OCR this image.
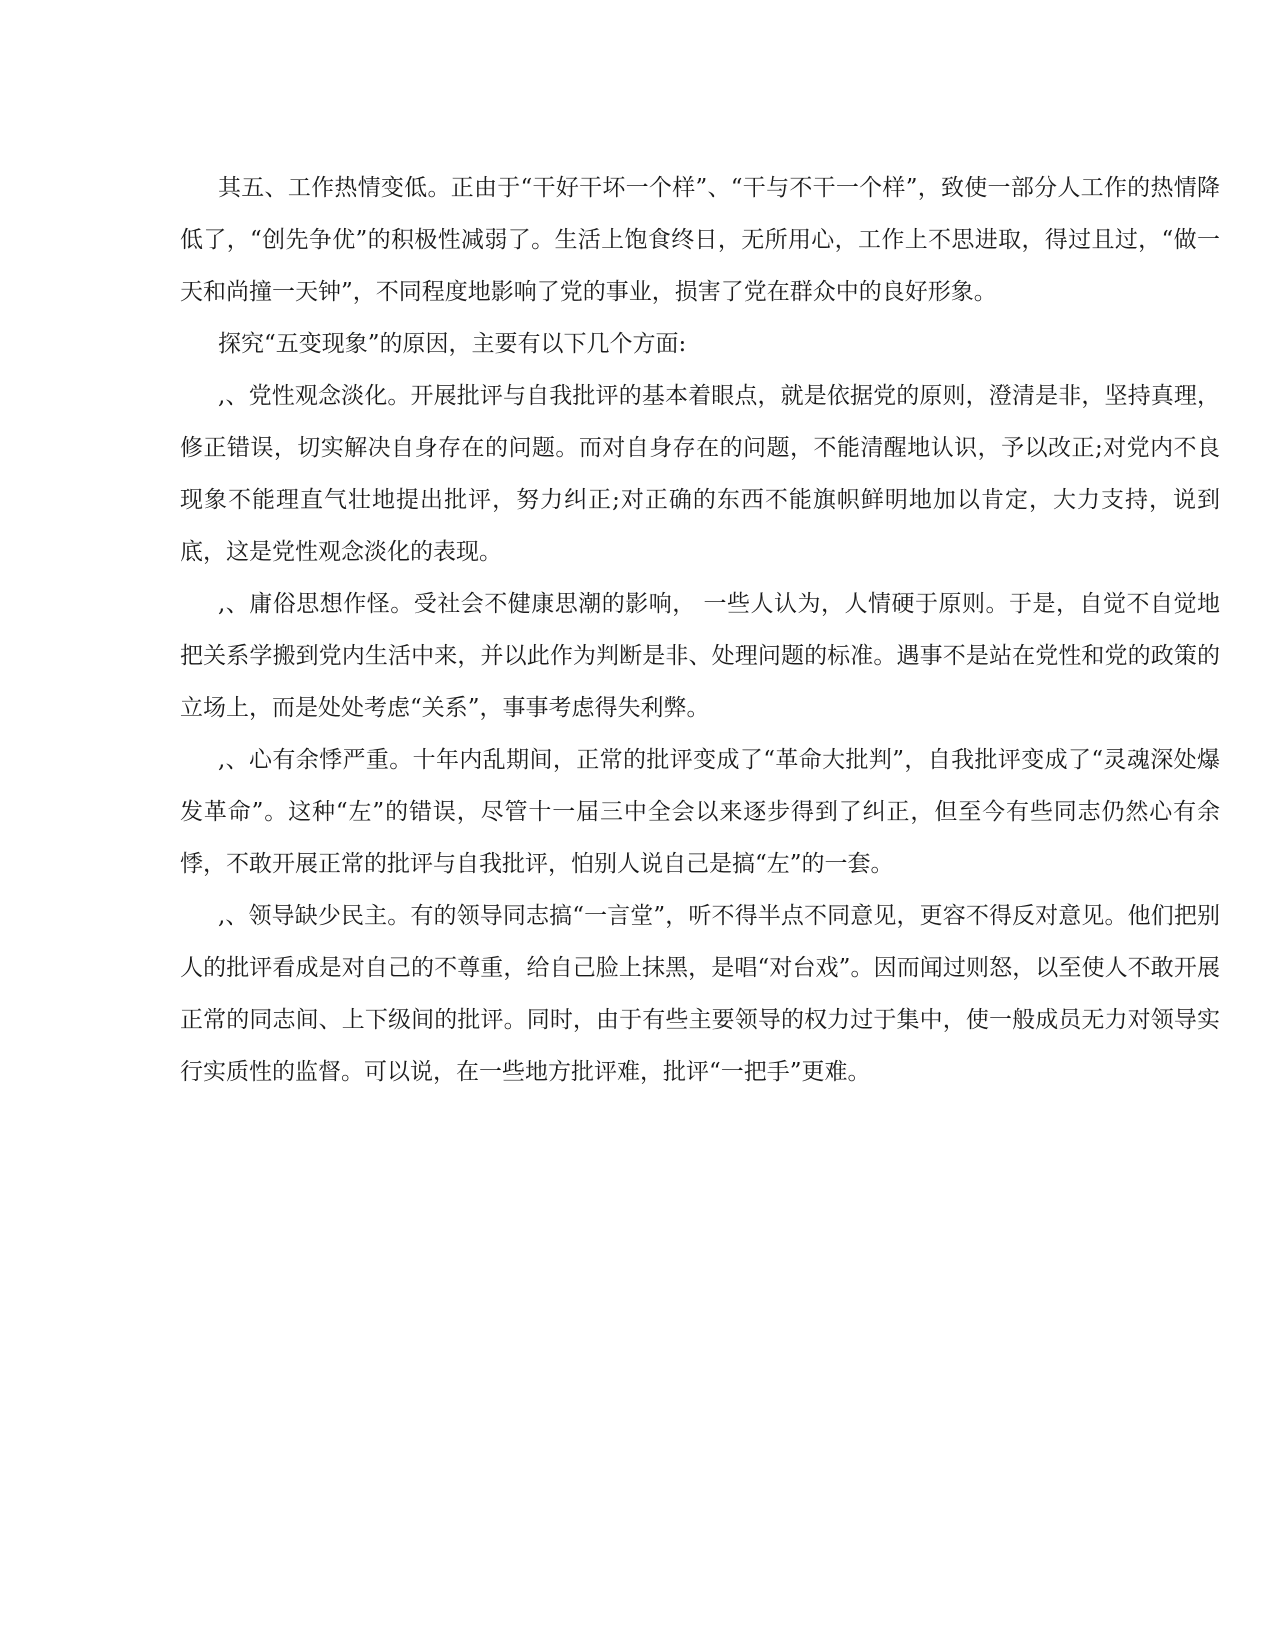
其五、工作热情变低。正由于“干好干坏一个样”、“干与不干一个样”，致使一部分人工作的热情降低了，“创先争优”的积极性减弱了。生活上饱食终日，无所用心，工作上不思进取，得过且过，“做一天和尚撞一天钟”，不同程度地影响了党的事业，损害了党在群众中的良好形象。

探究“五变现象”的原因，主要有以下几个方面:

,、党性观念淡化。开展批评与自我批评的基本着眼点，就是依据党的原则，澄清是非，坚持真理，修正错误，切实解决自身存在的问题。而对自身存在的问题，不能清醒地认识，予以改正;对党内不良现象不能理直气壮地提出批评，努力纠正;对正确的东西不能旗帜鲜明地加以肯定，大力支持，说到底，这是党性观念淡化的表现。

,、庸俗思想作怪。受社会不健康思潮的影响， 一些人认为，人情硬于原则。于是，自觉不自觉地把关系学搬到党内生活中来，并以此作为判断是非、处理问题的标准。遇事不是站在党性和党的政策的立场上，而是处处考虑“关系”，事事考虑得失利弊。

,、心有余悸严重。十年内乱期间，正常的批评变成了“革命大批判”，自我批评变成了“灵魂深处爆发革命”。这种“左”的错误，尽管十一届三中全会以来逐步得到了纠正，但至今有些同志仍然心有余悸，不敢开展正常的批评与自我批评，怕别人说自己是搞“左”的一套。

,、领导缺少民主。有的领导同志搞“一言堂”，听不得半点不同意见，更容不得反对意见。他们把别人的批评看成是对自己的不尊重，给自己脸上抹黑，是唱“对台戏”。因而闻过则怒，以至使人不敢开展正常的同志间、上下级间的批评。同时，由于有些主要领导的权力过于集中，使一般成员无力对领导实行实质性的监督。可以说，在一些地方批评难，批评“一把手”更难。
